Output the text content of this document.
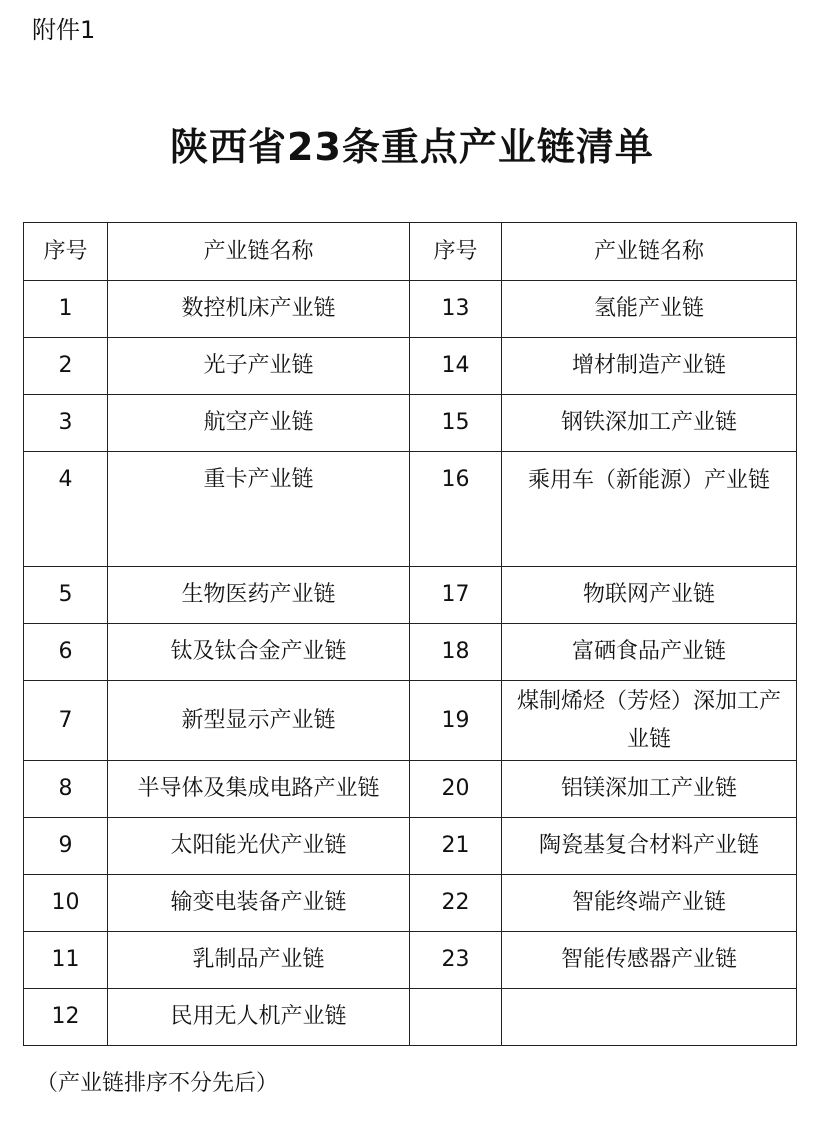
附件1
陕西省23条重点产业链清单
序号	产业链名称	序号	产业链名称
1	数控机床产业链	13	氢能产业链
2	光子产业链	14	增材制造产业链
3	航空产业链	15	钢铁深加工产业链
4	重卡产业链	16	乘用车（新能源）产业链
5	生物医药产业链	17	物联网产业链
6	钛及钛合金产业链	18	富硒食品产业链
7	新型显示产业链	19	煤制烯烃（芳烃）深加工产业链
8	半导体及集成电路产业链	20	铝镁深加工产业链
9	太阳能光伏产业链	21	陶瓷基复合材料产业链
10	输变电装备产业链	22	智能终端产业链
11	乳制品产业链	23	智能传感器产业链
12	民用无人机产业链		
（产业链排序不分先后）
